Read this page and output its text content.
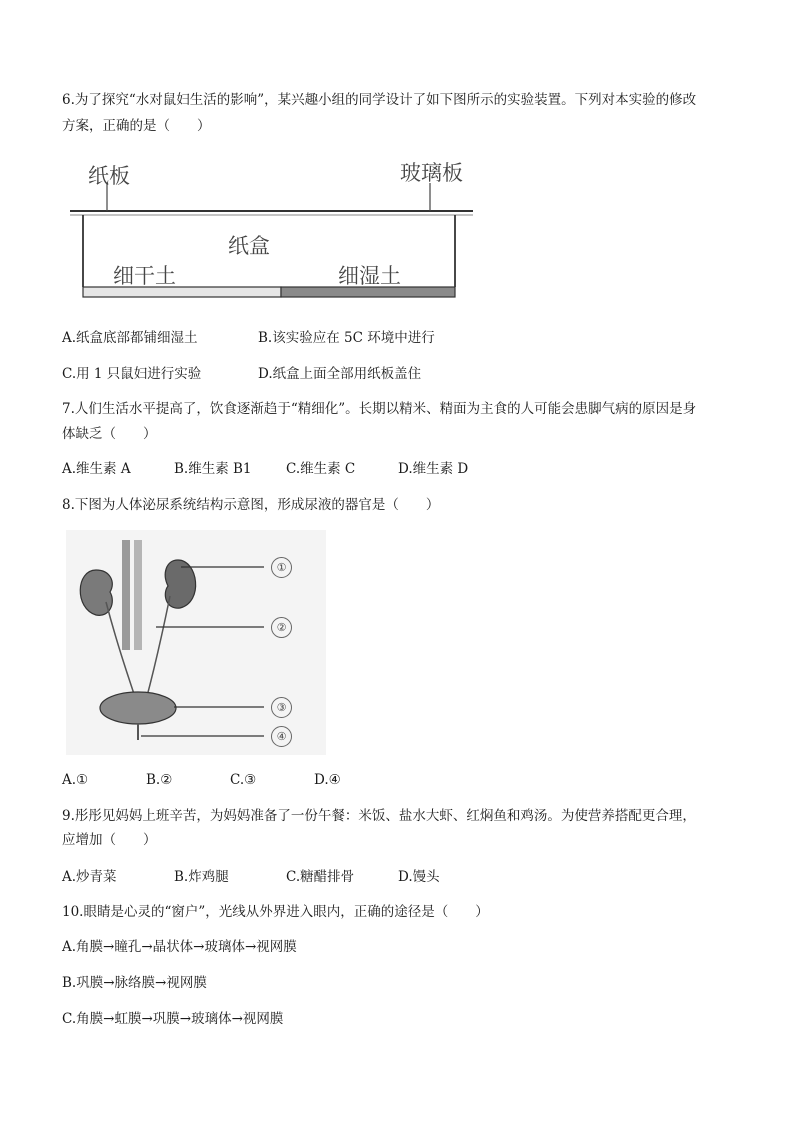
6.为了探究“水对鼠妇生活的影响”，某兴趣小组的同学设计了如下图所示的实验装置。下列对本实验的修改
方案，正确的是（　　）
纸板	玻璃板
纸盒
细干土	细湿土
A.纸盒底部都铺细湿土	B.该实验应在 5C 环境中进行
C.用 1 只鼠妇进行实验	D.纸盒上面全部用纸板盖住
7.人们生活水平提高了，饮食逐渐趋于“精细化”。长期以精米、精面为主食的人可能会患脚气病的原因是身
体缺乏（　　）
A.维生素 A	B.维生素 B1	C.维生素 C	D.维生素 D
8.下图为人体泌尿系统结构示意图，形成尿液的器官是（　　）
①
②
③
④
A.①	B.②	C.③	D.④
9.彤彤见妈妈上班辛苦，为妈妈准备了一份午餐：米饭、盐水大虾、红焖鱼和鸡汤。为使营养搭配更合理，
应增加（　　）
A.炒青菜	B.炸鸡腿	C.糖醋排骨	D.馒头
10.眼睛是心灵的“窗户”，光线从外界进入眼内，正确的途径是（　　）
A.角膜→瞳孔→晶状体→玻璃体→视网膜
B.巩膜→脉络膜→视网膜
C.角膜→虹膜→巩膜→玻璃体→视网膜
